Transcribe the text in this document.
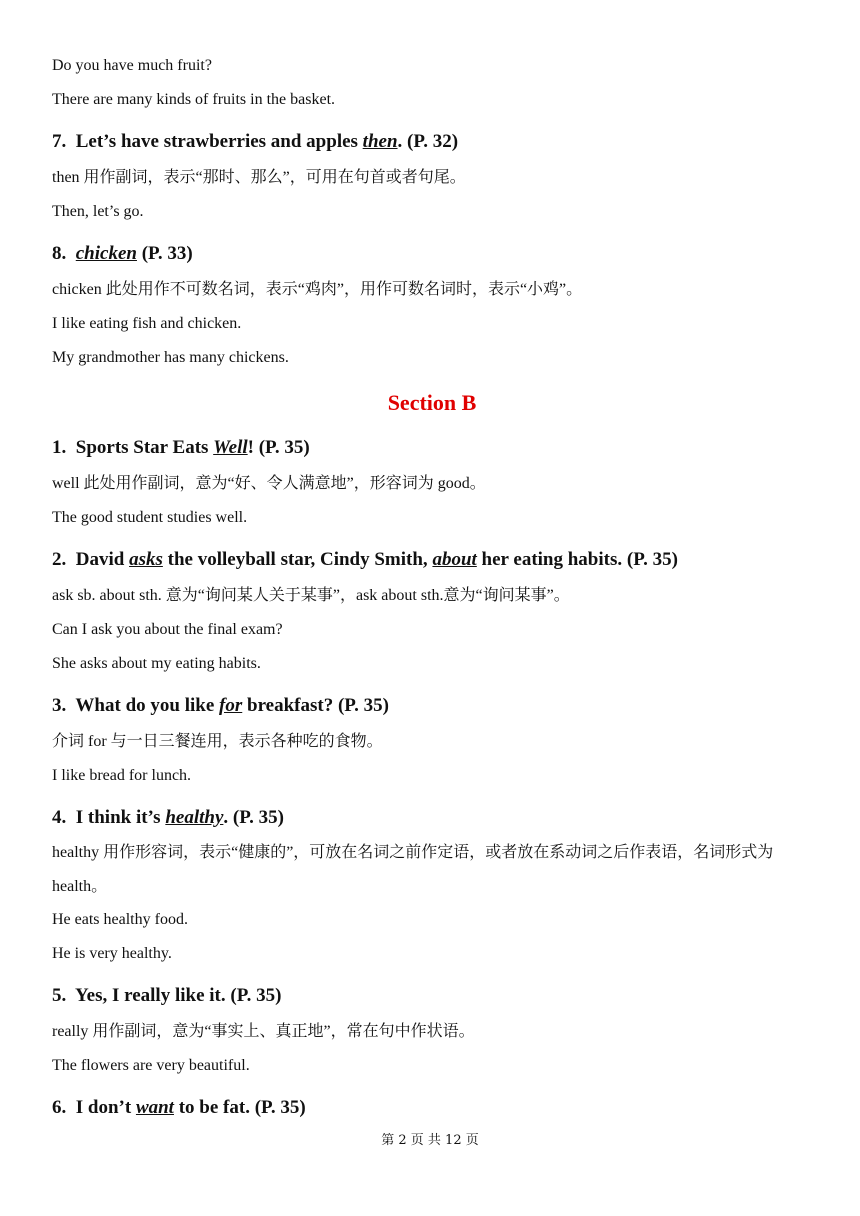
Do you have much fruit?

There are many kinds of fruits in the basket.

7. Let’s have strawberries and apples then. (P. 32)

then 用作副词，表示“那时、那么”，可用在句首或者句尾。

Then, let’s go.

8. chicken (P. 33)

chicken 此处用作不可数名词，表示“鸡肉”，用作可数名词时，表示“小鸡”。

I like eating fish and chicken.

My grandmother has many chickens.

Section B
1. Sports Star Eats Well! (P. 35)

well 此处用作副词，意为“好、令人满意地”，形容词为 good。

The good student studies well.

2. David asks the volleyball star, Cindy Smith, about her eating habits. (P. 35)

ask sb. about sth. 意为“询问某人关于某事”，ask about sth.意为“询问某事”。

Can I ask you about the final exam?

She asks about my eating habits.

3. What do you like for breakfast? (P. 35)

介词 for 与一日三餐连用，表示各种吃的食物。

I like bread for lunch.

4. I think it’s healthy. (P. 35)

healthy 用作形容词，表示“健康的”，可放在名词之前作定语，或者放在系动词之后作表语，名词形式为 health。

He eats healthy food.

He is very healthy.

5. Yes, I really like it. (P. 35)

really 用作副词，意为“事实上、真正地”，常在句中作状语。

The flowers are very beautiful.

6. I don’t want to be fat. (P. 35)
第 2 页 共 12 页
